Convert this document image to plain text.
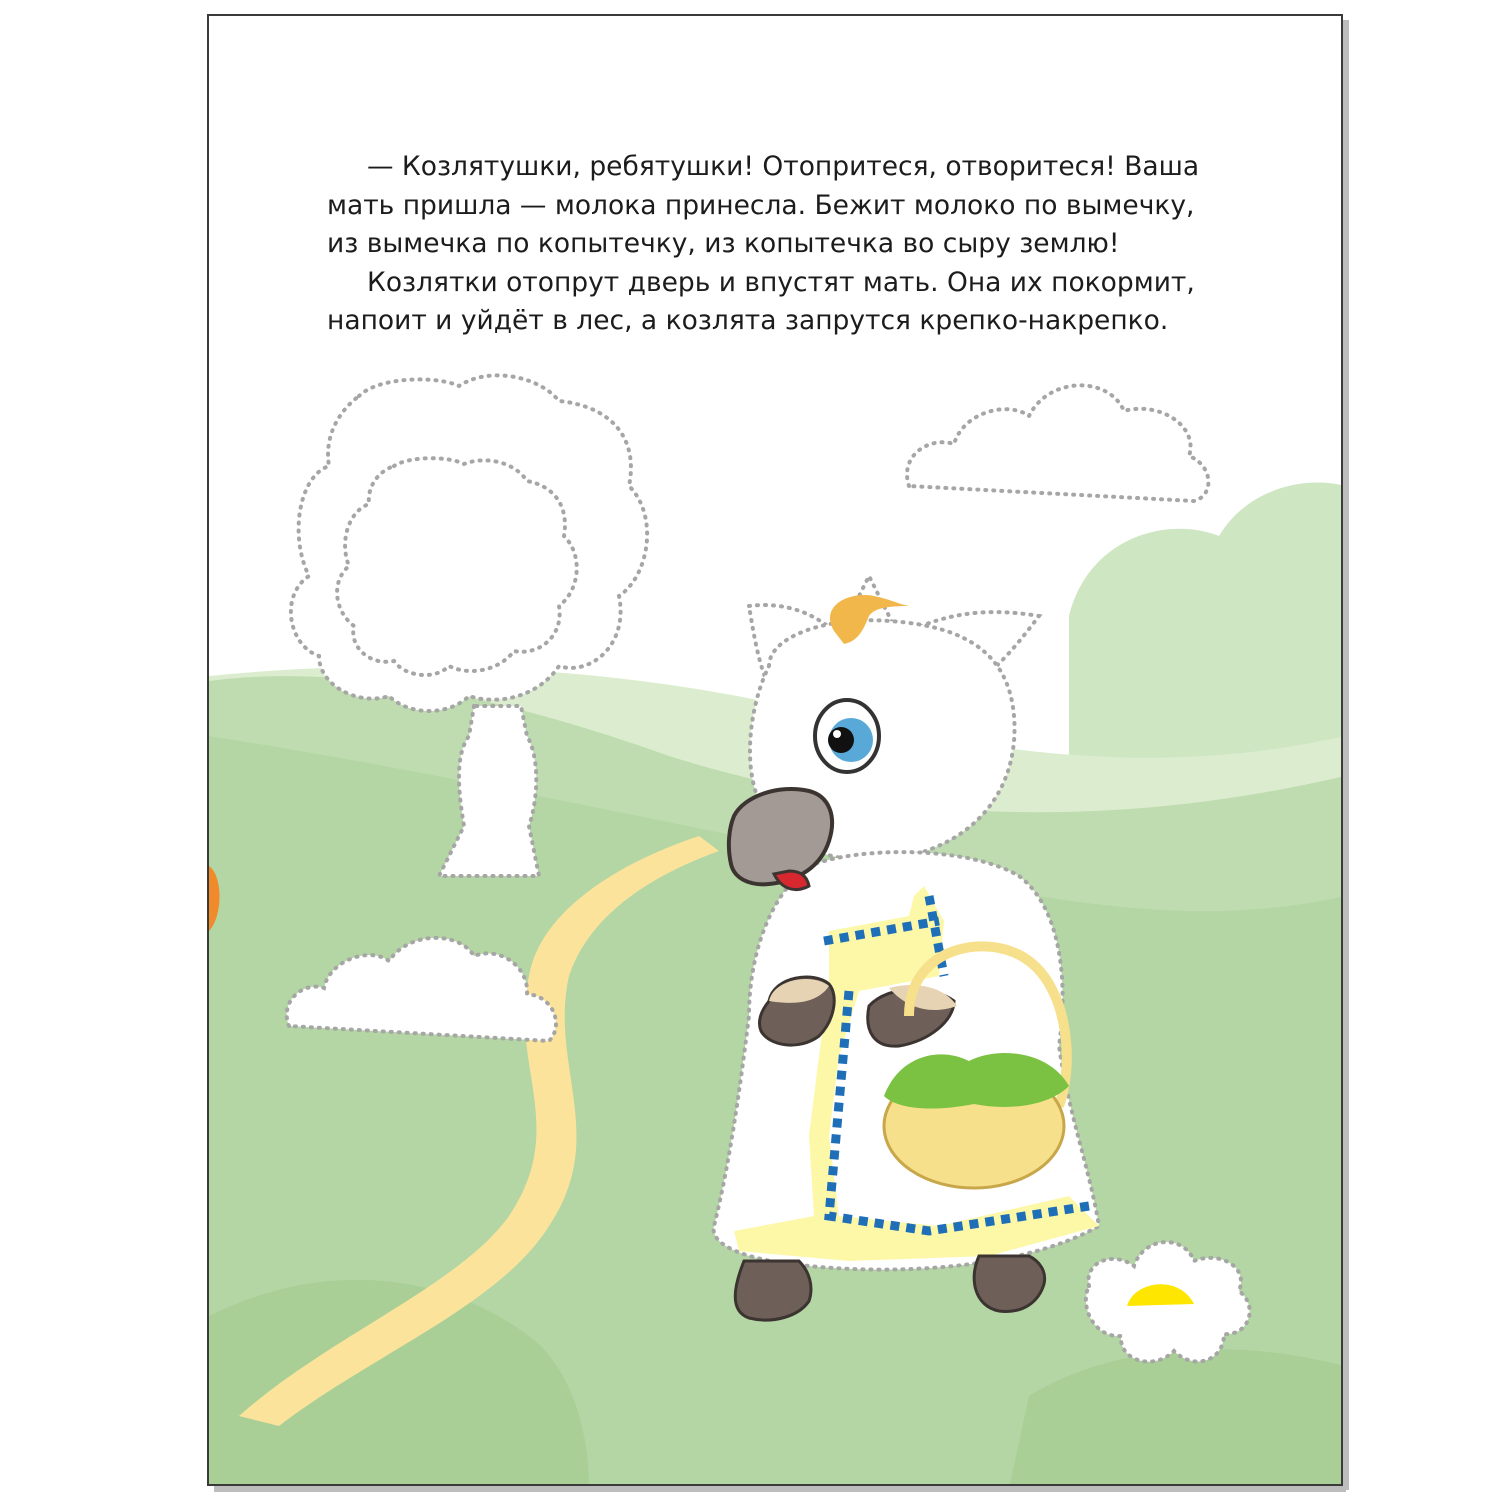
— Козлятушки, ребятушки! Отопритеся, отворитеся! Ваша мать пришла — молока принесла. Бежит молоко по вымечку, из вымечка по копытечку, из копытечка во сыру землю!

Козлятки отопрут дверь и впустят мать. Она их покормит, напоит и уйдёт в лес, а козлята запрутся крепко-накрепко.
